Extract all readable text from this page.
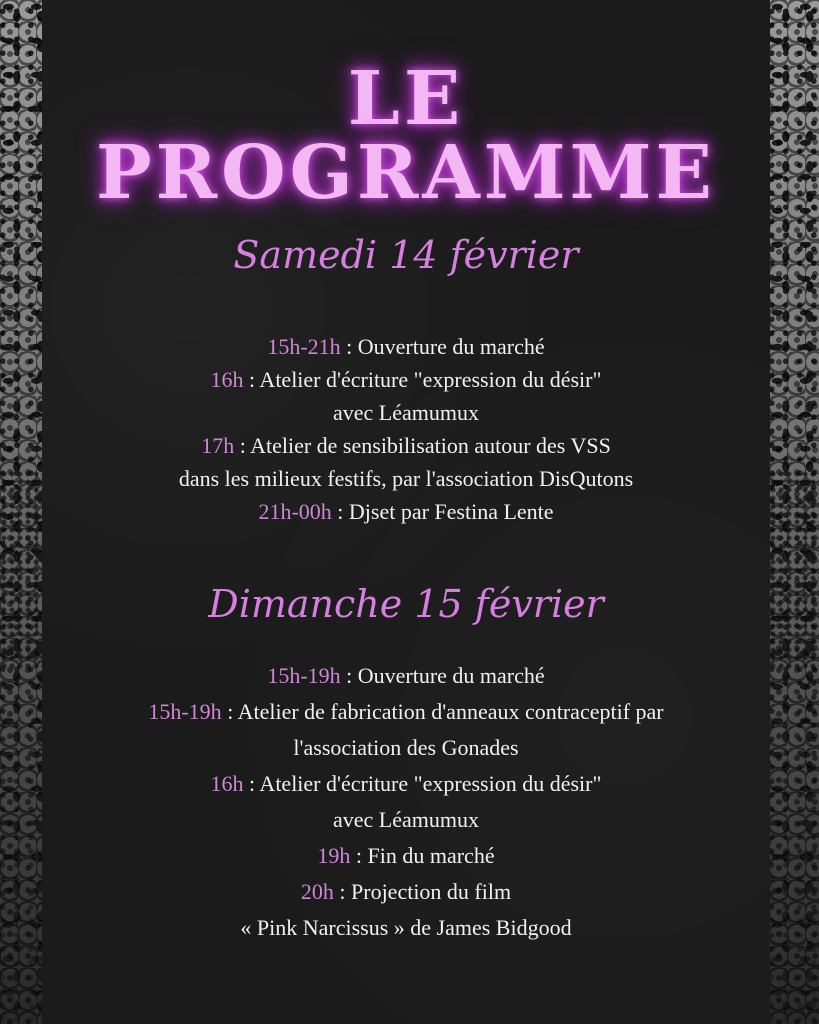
LE PROGRAMME
Samedi 14 février
15h-21h : Ouverture du marché
16h : Atelier d'écriture "expression du désir"
avec Léamumux
17h : Atelier de sensibilisation autour des VSS
dans les milieux festifs, par l'association DisQutons
21h-00h : Djset par Festina Lente
Dimanche 15 février
15h-19h : Ouverture du marché
15h-19h : Atelier de fabrication d'anneaux contraceptif par
l'association des Gonades
16h : Atelier d'écriture "expression du désir"
avec Léamumux
19h : Fin du marché
20h : Projection du film
« Pink Narcissus » de James Bidgood
